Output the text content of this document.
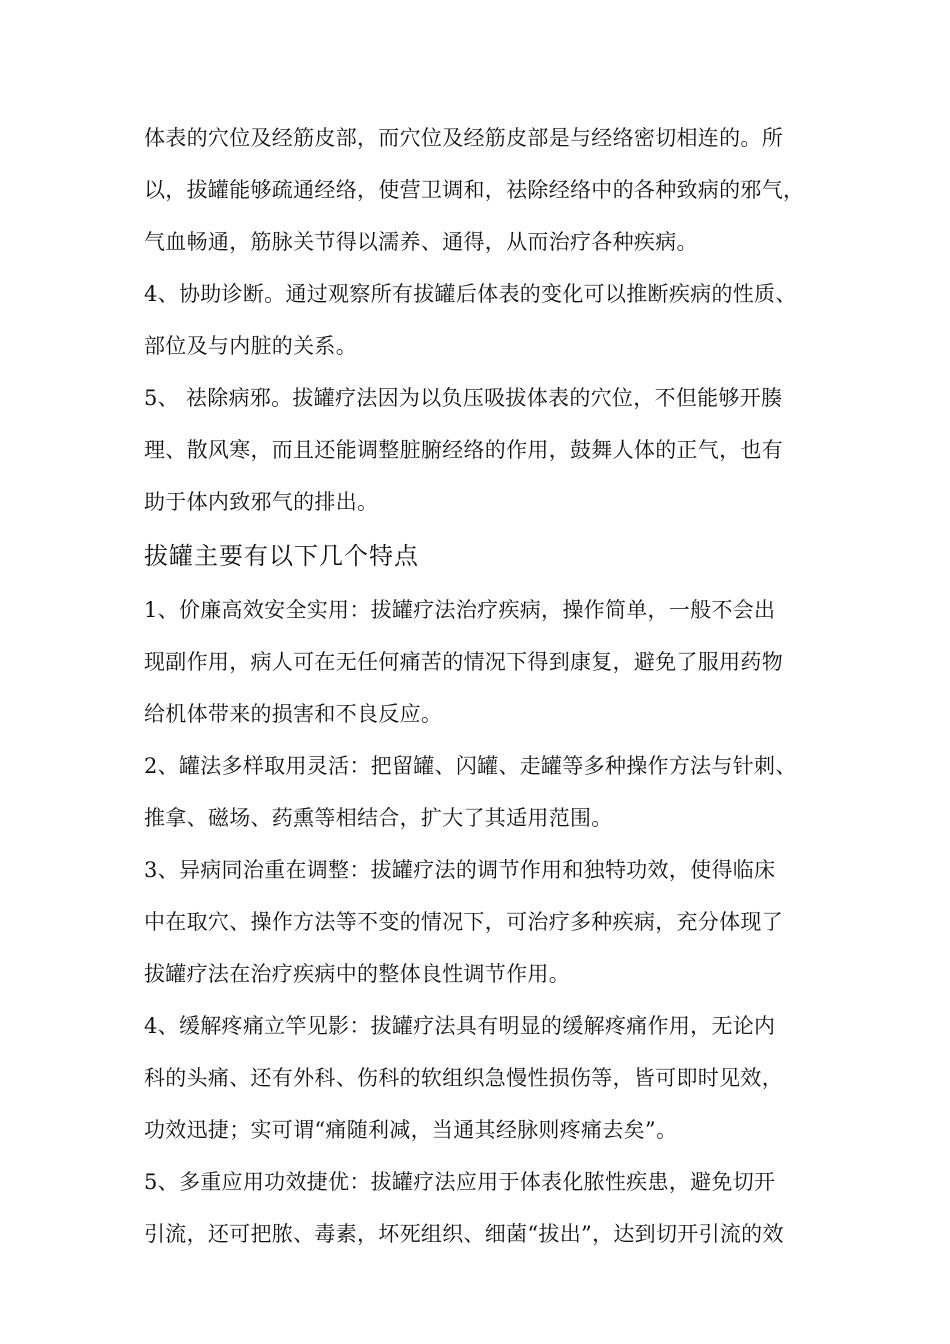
体表的穴位及经筋皮部，而穴位及经筋皮部是与经络密切相连的。所
以，拔罐能够疏通经络，使营卫调和，祛除经络中的各种致病的邪气，
气血畅通，筋脉关节得以濡养、通得，从而治疗各种疾病。
4、协助诊断。通过观察所有拔罐后体表的变化可以推断疾病的性质、
部位及与内脏的关系。
5、 祛除病邪。拔罐疗法因为以负压吸拔体表的穴位，不但能够开腠
理、散风寒，而且还能调整脏腑经络的作用，鼓舞人体的正气，也有
助于体内致邪气的排出。
拔罐主要有以下几个特点
1、价廉高效安全实用：拔罐疗法治疗疾病，操作简单，一般不会出
现副作用，病人可在无任何痛苦的情况下得到康复，避免了服用药物
给机体带来的损害和不良反应。
2、罐法多样取用灵活：把留罐、闪罐、走罐等多种操作方法与针刺、
推拿、磁场、药熏等相结合，扩大了其适用范围。
3、异病同治重在调整：拔罐疗法的调节作用和独特功效，使得临床
中在取穴、操作方法等不变的情况下，可治疗多种疾病，充分体现了
拔罐疗法在治疗疾病中的整体良性调节作用。
4、缓解疼痛立竿见影：拔罐疗法具有明显的缓解疼痛作用，无论内
科的头痛、还有外科、伤科的软组织急慢性损伤等，皆可即时见效，
功效迅捷；实可谓“痛随利减，当通其经脉则疼痛去矣”。
5、多重应用功效捷优：拔罐疗法应用于体表化脓性疾患，避免切开
引流，还可把脓、毒素，坏死组织、细菌“拔出”，达到切开引流的效
